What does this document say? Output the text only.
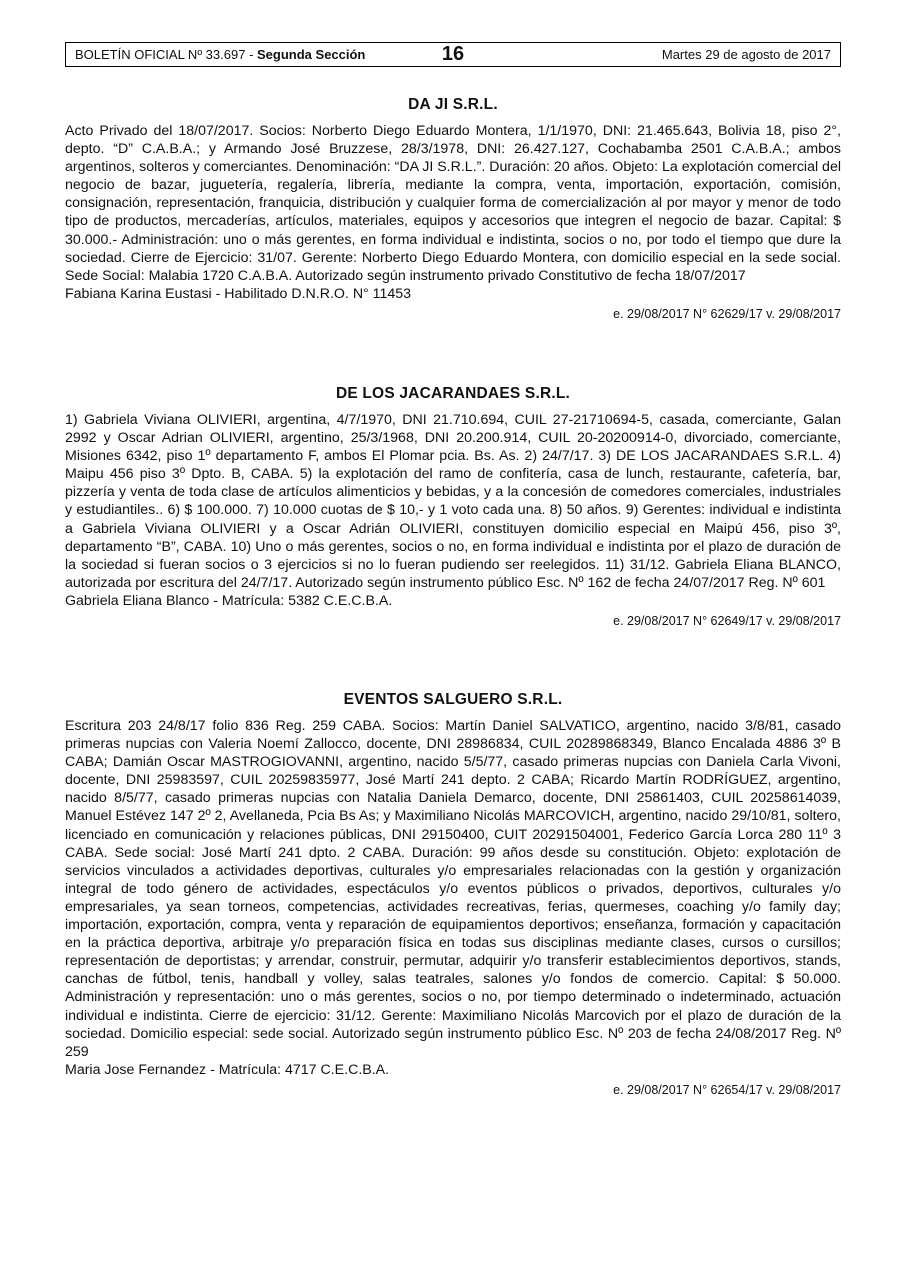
BOLETÍN OFICIAL Nº 33.697 - Segunda Sección	16	Martes 29 de agosto de 2017
DA JI S.R.L.

Acto Privado del 18/07/2017. Socios: Norberto Diego Eduardo Montera, 1/1/1970, DNI: 21.465.643, Bolivia 18, piso 2°, depto. “D” C.A.B.A.; y Armando José Bruzzese, 28/3/1978, DNI: 26.427.127, Cochabamba 2501 C.A.B.A.; ambos argentinos, solteros y comerciantes. Denominación: “DA JI S.R.L.”. Duración: 20 años. Objeto: La explotación comercial del negocio de bazar, juguetería, regalería, librería, mediante la compra, venta, importación, exportación, comisión, consignación, representación, franquicia, distribución y cualquier forma de comercialización al por mayor y menor de todo tipo de productos, mercaderías, artículos, materiales, equipos y accesorios que integren el negocio de bazar. Capital: $ 30.000.- Administración: uno o más gerentes, en forma individual e indistinta, socios o no, por todo el tiempo que dure la sociedad. Cierre de Ejercicio: 31/07. Gerente: Norberto Diego Eduardo Montera, con domicilio especial en la sede social. Sede Social: Malabia 1720 C.A.B.A. Autorizado según instrumento privado Constitutivo de fecha 18/07/2017

Fabiana Karina Eustasi - Habilitado D.N.R.O. N° 11453

e. 29/08/2017 N° 62629/17 v. 29/08/2017
DE LOS JACARANDAES S.R.L.

1) Gabriela Viviana OLIVIERI, argentina, 4/7/1970, DNI 21.710.694, CUIL 27-21710694-5, casada, comerciante, Galan 2992 y Oscar Adrian OLIVIERI, argentino, 25/3/1968, DNI 20.200.914, CUIL 20-20200914-0, divorciado, comerciante, Misiones 6342, piso 1º departamento F, ambos El Plomar pcia. Bs. As. 2) 24/7/17. 3) DE LOS JACARANDAES S.R.L. 4) Maipu 456 piso 3º Dpto. B, CABA. 5) la explotación del ramo de confitería, casa de lunch, restaurante, cafetería, bar, pizzería y venta de toda clase de artículos alimenticios y bebidas, y a la concesión de comedores comerciales, industriales y estudiantiles.. 6) $ 100.000. 7) 10.000 cuotas de $ 10,- y 1 voto cada una. 8) 50 años. 9) Gerentes: individual e indistinta a Gabriela Viviana OLIVIERI y a Oscar Adrián OLIVIERI, constituyen domicilio especial en Maipú 456, piso 3º, departamento “B”, CABA. 10) Uno o más gerentes, socios o no, en forma individual e indistinta por el plazo de duración de la sociedad si fueran socios o 3 ejercicios si no lo fueran pudiendo ser reelegidos. 11) 31/12. Gabriela Eliana BLANCO, autorizada por escritura del 24/7/17. Autorizado según instrumento público Esc. Nº 162 de fecha 24/07/2017 Reg. Nº 601

Gabriela Eliana Blanco - Matrícula: 5382 C.E.C.B.A.

e. 29/08/2017 N° 62649/17 v. 29/08/2017
EVENTOS SALGUERO S.R.L.

Escritura 203 24/8/17 folio 836 Reg. 259 CABA. Socios: Martín Daniel SALVATICO, argentino, nacido 3/8/81, casado primeras nupcias con Valeria Noemí Zallocco, docente, DNI 28986834, CUIL 20289868349, Blanco Encalada 4886 3º B CABA; Damián Oscar MASTROGIOVANNI, argentino, nacido 5/5/77, casado primeras nupcias con Daniela Carla Vivoni, docente, DNI 25983597, CUIL 20259835977, José Martí 241 depto. 2 CABA; Ricardo Martín RODRÍGUEZ, argentino, nacido 8/5/77, casado primeras nupcias con Natalia Daniela Demarco, docente, DNI 25861403, CUIL 20258614039, Manuel Estévez 147 2º 2, Avellaneda, Pcia Bs As; y Maximiliano Nicolás MARCOVICH, argentino, nacido 29/10/81, soltero, licenciado en comunicación y relaciones públicas, DNI 29150400, CUIT 20291504001, Federico García Lorca 280 11º 3 CABA. Sede social: José Martí 241 dpto. 2 CABA. Duración: 99 años desde su constitución. Objeto: explotación de servicios vinculados a actividades deportivas, culturales y/o empresariales relacionadas con la gestión y organización integral de todo género de actividades, espectáculos y/o eventos públicos o privados, deportivos, culturales y/o empresariales, ya sean torneos, competencias, actividades recreativas, ferias, quermeses, coaching y/o family day; importación, exportación, compra, venta y reparación de equipamientos deportivos; enseñanza, formación y capacitación en la práctica deportiva, arbitraje y/o preparación física en todas sus disciplinas mediante clases, cursos o cursillos; representación de deportistas; y arrendar, construir, permutar, adquirir y/o transferir establecimientos deportivos, stands, canchas de fútbol, tenis, handball y volley, salas teatrales, salones y/o fondos de comercio. Capital: $ 50.000. Administración y representación: uno o más gerentes, socios o no, por tiempo determinado o indeterminado, actuación individual e indistinta. Cierre de ejercicio: 31/12. Gerente: Maximiliano Nicolás Marcovich por el plazo de duración de la sociedad. Domicilio especial: sede social. Autorizado según instrumento público Esc. Nº 203 de fecha 24/08/2017 Reg. Nº 259

Maria Jose Fernandez - Matrícula: 4717 C.E.C.B.A.

e. 29/08/2017 N° 62654/17 v. 29/08/2017
